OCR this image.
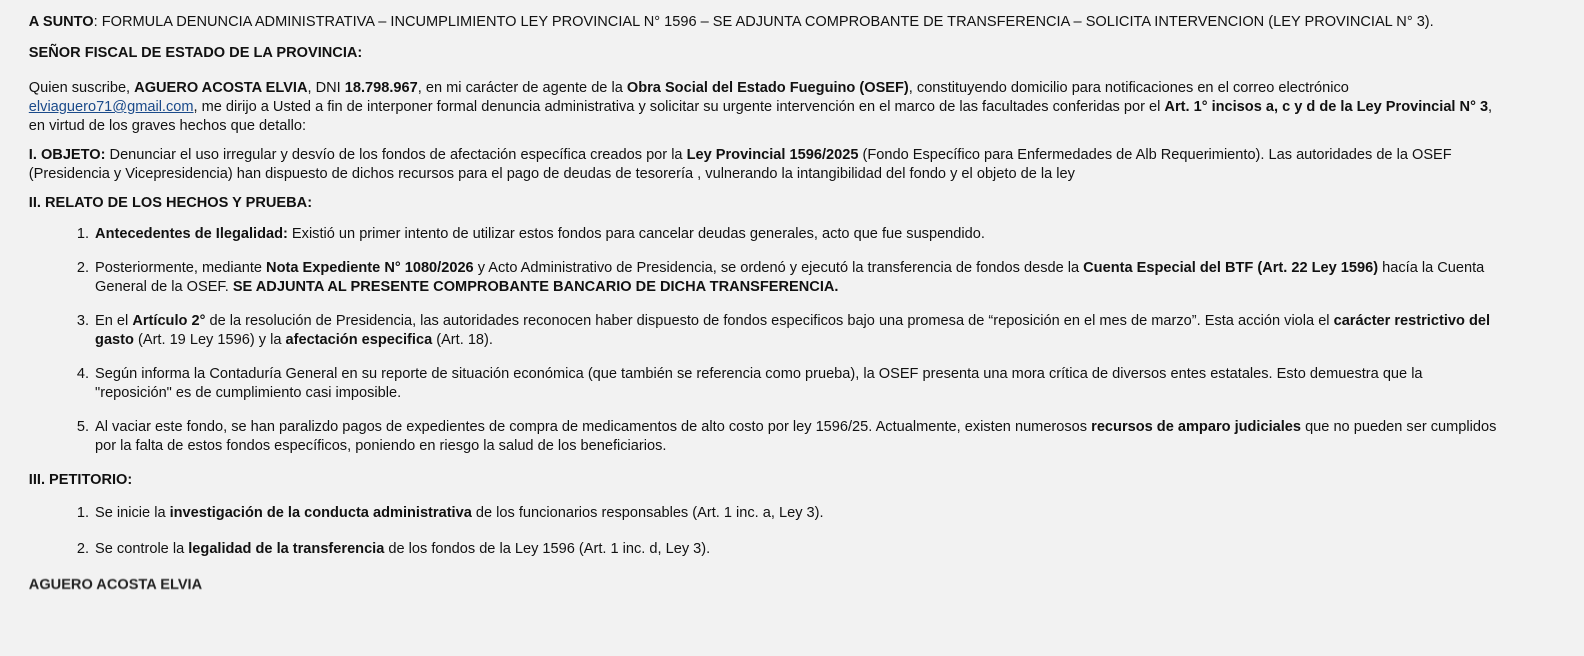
A SUNTO: FORMULA DENUNCIA ADMINISTRATIVA – INCUMPLIMIENTO LEY PROVINCIAL N° 1596 – SE ADJUNTA COMPROBANTE DE TRANSFERENCIA – SOLICITA INTERVENCION (LEY PROVINCIAL N° 3).

SEÑOR FISCAL DE ESTADO DE LA PROVINCIA:

Quien suscribe, AGUERO ACOSTA ELVIA, DNI 18.798.967, en mi carácter de agente de la Obra Social del Estado Fueguino (OSEF), constituyendo domicilio para notificaciones en el correo electrónico elviaguero71@gmail.com, me dirijo a Usted a fin de interponer formal denuncia administrativa y solicitar su urgente intervención en el marco de las facultades conferidas por el Art. 1° incisos a, c y d de la Ley Provincial N° 3, en virtud de los graves hechos que detallo:

I. OBJETO: Denunciar el uso irregular y desvío de los fondos de afectación específica creados por la Ley Provincial 1596/2025 (Fondo Específico para Enfermedades de Alb Requerimiento). Las autoridades de la OSEF (Presidencia y Vicepresidencia) han dispuesto de dichos recursos para el pago de deudas de tesorería , vulnerando la intangibilidad del fondo y el objeto de la ley

II. RELATO DE LOS HECHOS Y PRUEBA:

1. Antecedentes de Ilegalidad: Existió un primer intento de utilizar estos fondos para cancelar deudas generales, acto que fue suspendido.
2. Posteriormente, mediante Nota Expediente N° 1080/2026 y Acto Administrativo de Presidencia, se ordenó y ejecutó la transferencia de fondos desde la Cuenta Especial del BTF (Art. 22 Ley 1596) hacía la Cuenta General de la OSEF. SE ADJUNTA AL PRESENTE COMPROBANTE BANCARIO DE DICHA TRANSFERENCIA.
3. En el Artículo 2° de la resolución de Presidencia, las autoridades reconocen haber dispuesto de fondos especificos bajo una promesa de “reposición en el mes de marzo”. Esta acción viola el carácter restrictivo del gasto (Art. 19 Ley 1596) y la afectación especifica (Art. 18).
4. Según informa la Contaduría General en su reporte de situación económica (que también se referencia como prueba), la OSEF presenta una mora crítica de diversos entes estatales. Esto demuestra que la "reposición" es de cumplimiento casi imposible.
5. Al vaciar este fondo, se han paralizdo pagos de expedientes de compra de medicamentos de alto costo por ley 1596/25. Actualmente, existen numerosos recursos de amparo judiciales que no pueden ser cumplidos por la falta de estos fondos específicos, poniendo en riesgo la salud de los beneficiarios.

III. PETITORIO:

1. Se inicie la investigación de la conducta administrativa de los funcionarios responsables (Art. 1 inc. a, Ley 3).
2. Se controle la legalidad de la transferencia de los fondos de la Ley 1596 (Art. 1 inc. d, Ley 3).

AGUERO ACOSTA ELVIA
